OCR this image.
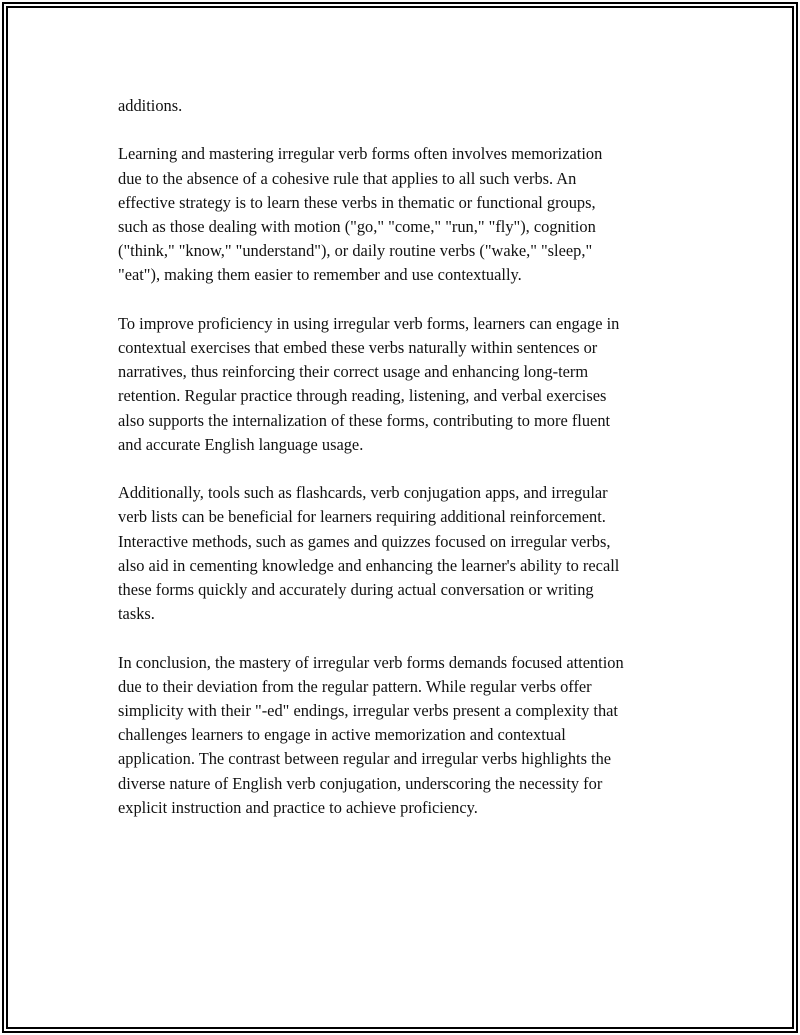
additions.

Learning and mastering irregular verb forms often involves memorization
due to the absence of a cohesive rule that applies to all such verbs. An
effective strategy is to learn these verbs in thematic or functional groups,
such as those dealing with motion ("go," "come," "run," "fly"), cognition
("think," "know," "understand"), or daily routine verbs ("wake," "sleep,"
"eat"), making them easier to remember and use contextually.

To improve proficiency in using irregular verb forms, learners can engage in
contextual exercises that embed these verbs naturally within sentences or
narratives, thus reinforcing their correct usage and enhancing long-term
retention. Regular practice through reading, listening, and verbal exercises
also supports the internalization of these forms, contributing to more fluent
and accurate English language usage.

Additionally, tools such as flashcards, verb conjugation apps, and irregular
verb lists can be beneficial for learners requiring additional reinforcement.
Interactive methods, such as games and quizzes focused on irregular verbs,
also aid in cementing knowledge and enhancing the learner's ability to recall
these forms quickly and accurately during actual conversation or writing
tasks.

In conclusion, the mastery of irregular verb forms demands focused attention
due to their deviation from the regular pattern. While regular verbs offer
simplicity with their "-ed" endings, irregular verbs present a complexity that
challenges learners to engage in active memorization and contextual
application. The contrast between regular and irregular verbs highlights the
diverse nature of English verb conjugation, underscoring the necessity for
explicit instruction and practice to achieve proficiency.
